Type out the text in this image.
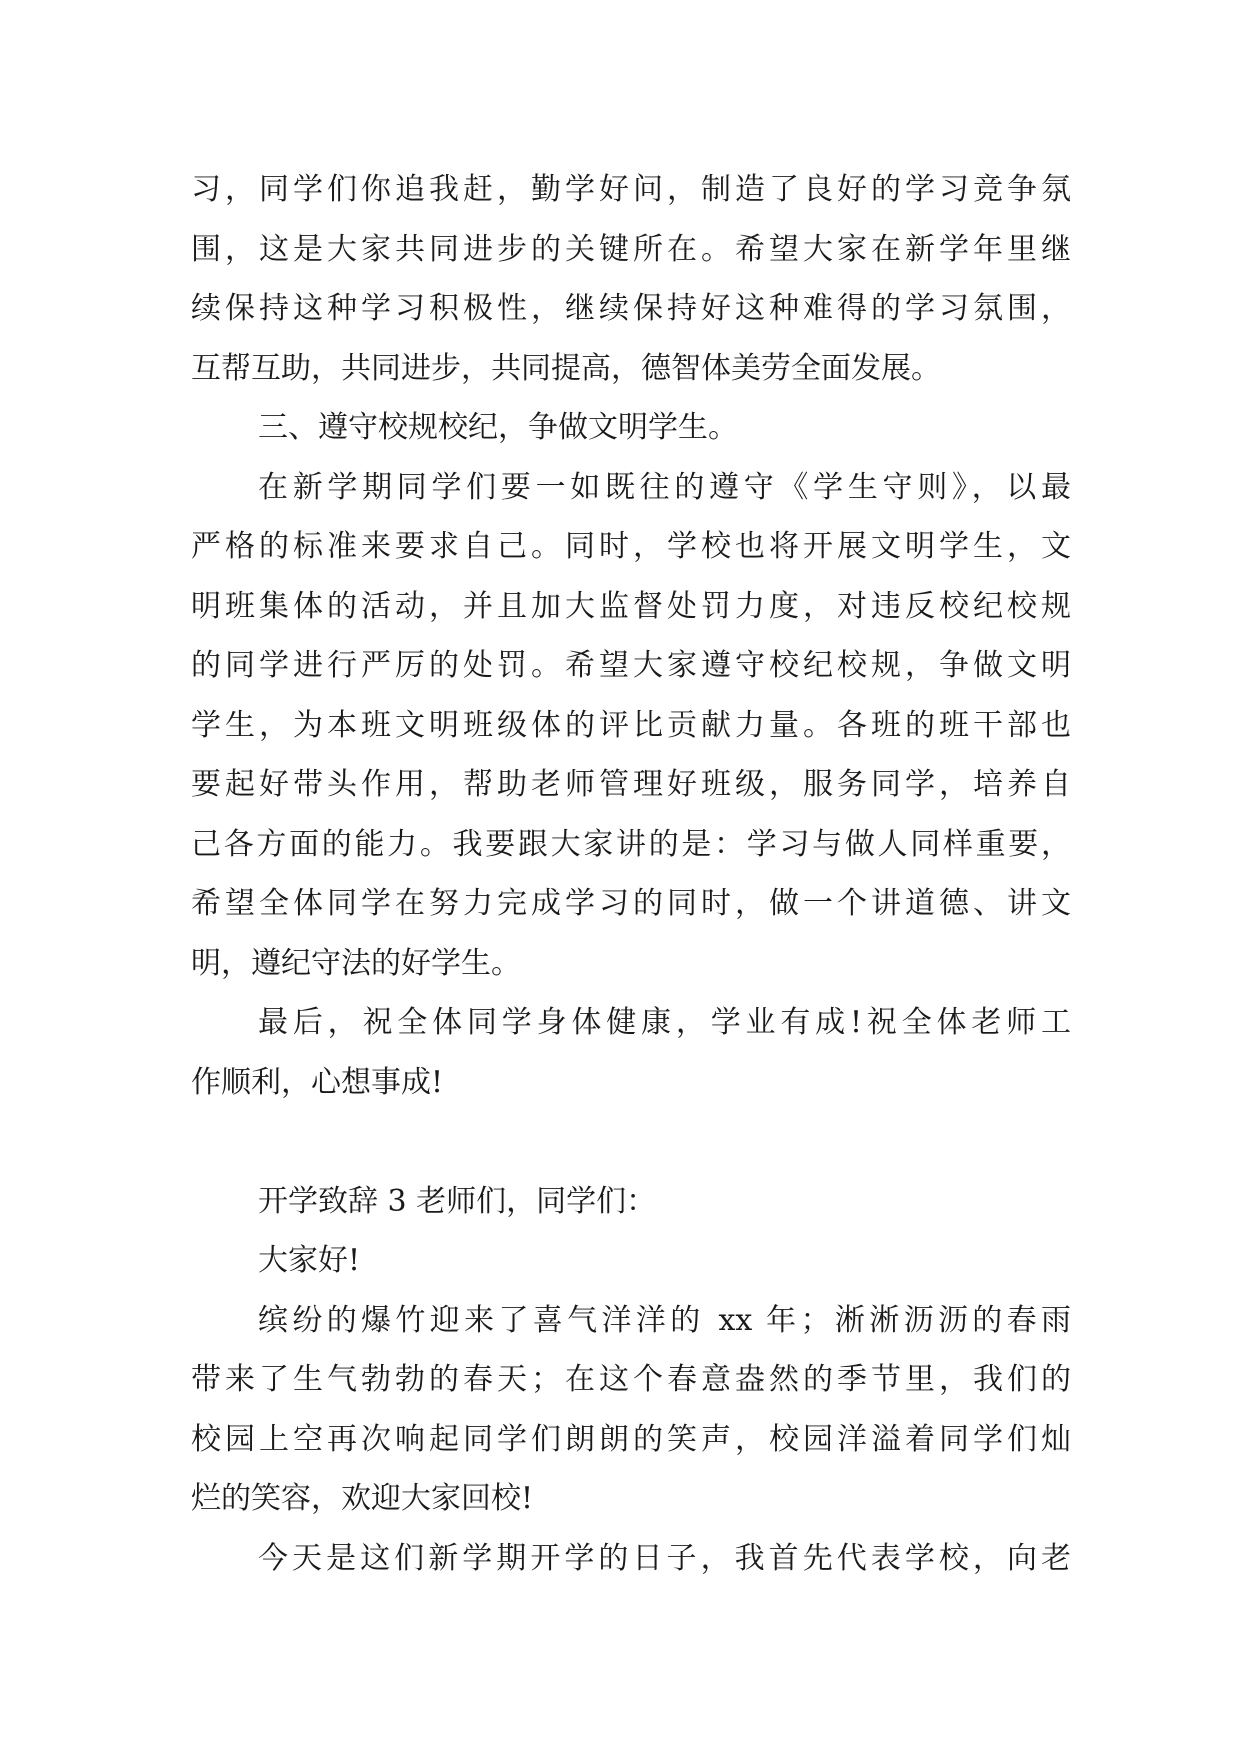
习，同学们你追我赶，勤学好问，制造了良好的学习竞争氛
围，这是大家共同进步的关键所在。希望大家在新学年里继
续保持这种学习积极性，继续保持好这种难得的学习氛围，
互帮互助，共同进步，共同提高，德智体美劳全面发展。
三、遵守校规校纪，争做文明学生。
在新学期同学们要一如既往的遵守《学生守则》，以最
严格的标准来要求自己。同时，学校也将开展文明学生，文
明班集体的活动，并且加大监督处罚力度，对违反校纪校规
的同学进行严厉的处罚。希望大家遵守校纪校规，争做文明
学生，为本班文明班级体的评比贡献力量。各班的班干部也
要起好带头作用，帮助老师管理好班级，服务同学，培养自
己各方面的能力。我要跟大家讲的是：学习与做人同样重要，
希望全体同学在努力完成学习的同时，做一个讲道德、讲文
明，遵纪守法的好学生。
最后，祝全体同学身体健康，学业有成!祝全体老师工
作顺利，心想事成!
开学致辞 3 老师们，同学们：
大家好!
缤纷的爆竹迎来了喜气洋洋的 xx 年；淅淅沥沥的春雨
带来了生气勃勃的春天；在这个春意盎然的季节里，我们的
校园上空再次响起同学们朗朗的笑声，校园洋溢着同学们灿
烂的笑容，欢迎大家回校!
今天是这们新学期开学的日子，我首先代表学校，向老
